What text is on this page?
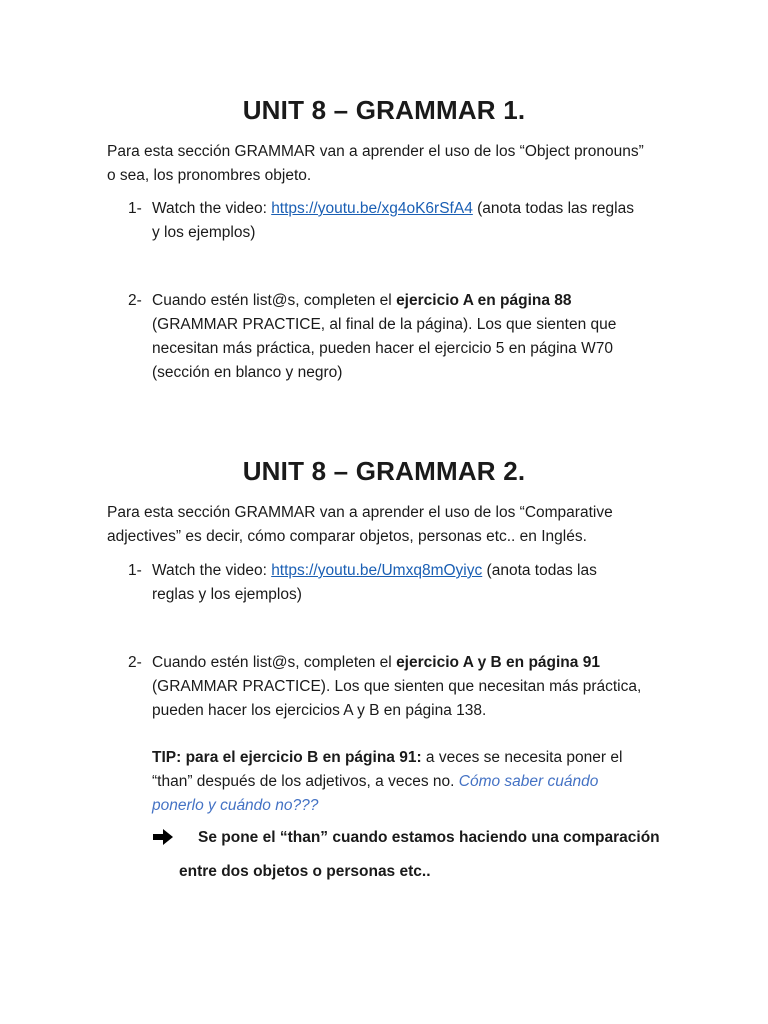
UNIT 8 – GRAMMAR 1.
Para esta sección GRAMMAR van a aprender el uso de los “Object pronouns”
o sea, los pronombres objeto.
1- Watch the video: https://youtu.be/xg4oK6rSfA4 (anota todas las reglas
y los ejemplos)
2- Cuando estén list@s, completen el ejercicio A en página 88
(GRAMMAR PRACTICE, al final de la página). Los que sienten que
necesitan más práctica, pueden hacer el ejercicio 5 en página W70
(sección en blanco y negro)
UNIT 8 – GRAMMAR 2.
Para esta sección GRAMMAR van a aprender el uso de los “Comparative
adjectives” es decir, cómo comparar objetos, personas etc.. en Inglés.
1- Watch the video: https://youtu.be/Umxq8mOyiyc (anota todas las
reglas y los ejemplos)
2- Cuando estén list@s, completen el ejercicio A y B en página 91
(GRAMMAR PRACTICE). Los que sienten que necesitan más práctica,
pueden hacer los ejercicios A y B en página 138.
TIP: para el ejercicio B en página 91: a veces se necesita poner el
“than” después de los adjetivos, a veces no. Cómo saber cuándo
ponerlo y cuándo no???
Se pone el “than” cuando estamos haciendo una comparación
entre dos objetos o personas etc..
